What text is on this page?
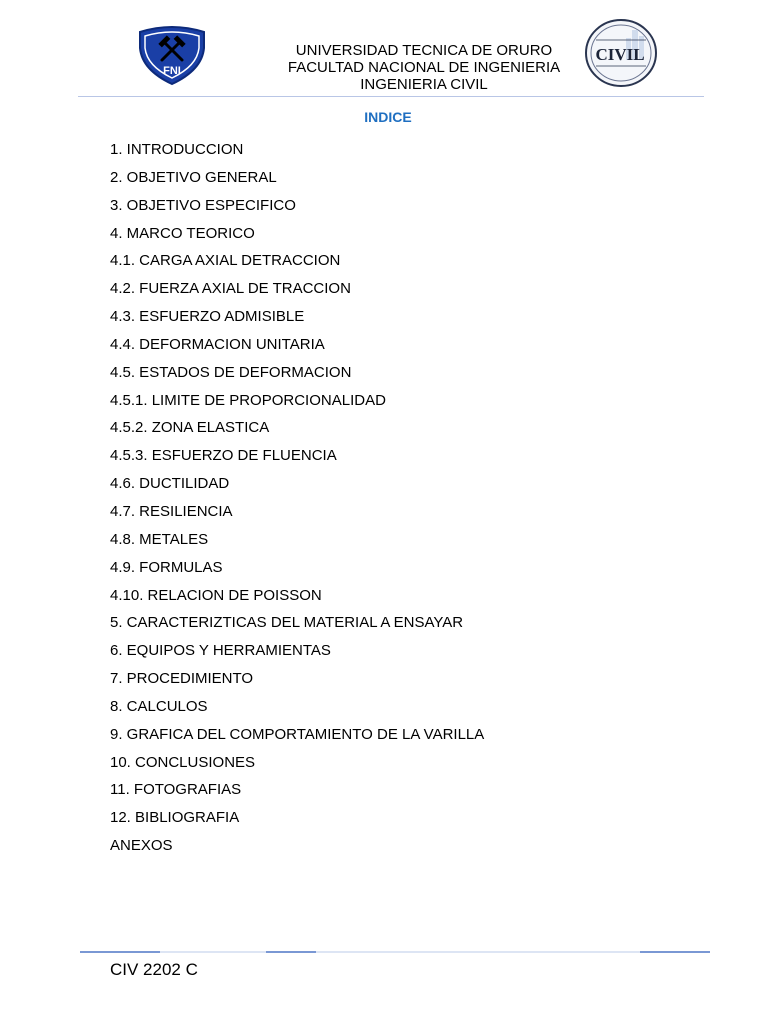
FNI
UNIVERSIDAD TECNICA DE ORURO
FACULTAD NACIONAL DE INGENIERIA
INGENIERIA CIVIL
CIVIL
INDICE
1. INTRODUCCION
2. OBJETIVO GENERAL
3. OBJETIVO ESPECIFICO
4. MARCO TEORICO
4.1. CARGA AXIAL DETRACCION
4.2. FUERZA AXIAL DE TRACCION
4.3. ESFUERZO ADMISIBLE
4.4. DEFORMACION UNITARIA
4.5. ESTADOS DE DEFORMACION
4.5.1. LIMITE DE PROPORCIONALIDAD
4.5.2. ZONA ELASTICA
4.5.3. ESFUERZO DE FLUENCIA
4.6. DUCTILIDAD
4.7. RESILIENCIA
4.8. METALES
4.9. FORMULAS
4.10. RELACION DE POISSON
5. CARACTERIZTICAS DEL MATERIAL A ENSAYAR
6. EQUIPOS Y HERRAMIENTAS
7. PROCEDIMIENTO
8. CALCULOS
9. GRAFICA DEL COMPORTAMIENTO DE LA VARILLA
10. CONCLUSIONES
11. FOTOGRAFIAS
12. BIBLIOGRAFIA
ANEXOS
CIV 2202 C
